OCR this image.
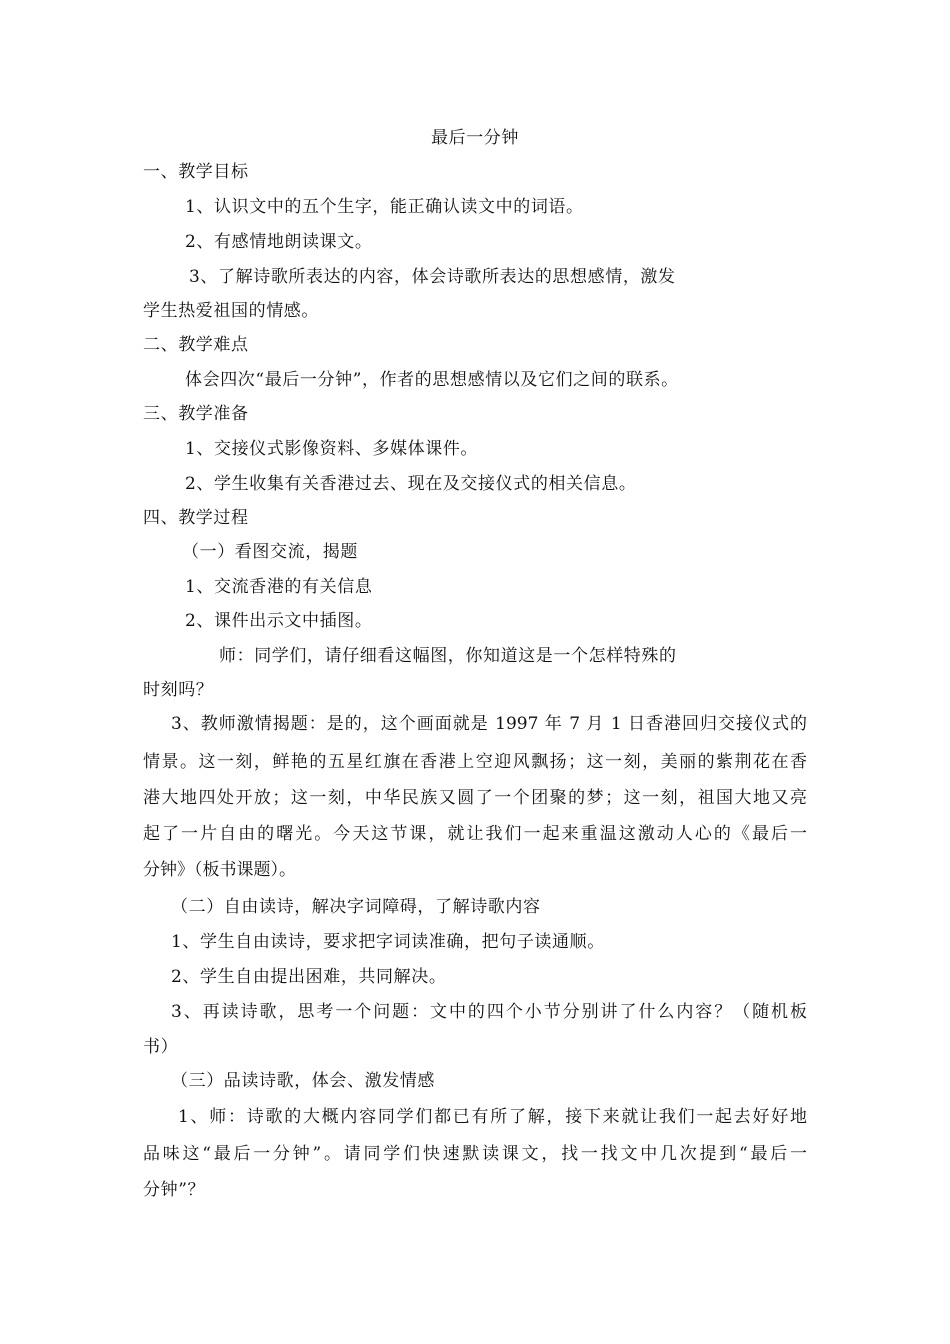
最后一分钟
一、教学目标
1、认识文中的五个生字，能正确认读文中的词语。
2、有感情地朗读课文。
3、了解诗歌所表达的内容，体会诗歌所表达的思想感情，激发
学生热爱祖国的情感。
二、教学难点
体会四次“最后一分钟”，作者的思想感情以及它们之间的联系。
三、教学准备
1、交接仪式影像资料、多媒体课件。
2、学生收集有关香港过去、现在及交接仪式的相关信息。
四、教学过程
（一）看图交流，揭题
1、交流香港的有关信息
2、课件出示文中插图。
师：同学们，请仔细看这幅图，你知道这是一个怎样特殊的
时刻吗？
3、教师激情揭题：是的，这个画面就是 1997 年 7 月 1 日香港回归交接仪式的
情景。这一刻，鲜艳的五星红旗在香港上空迎风飘扬；这一刻，美丽的紫荆花在香
港大地四处开放；这一刻，中华民族又圆了一个团聚的梦；这一刻，祖国大地又亮
起了一片自由的曙光。今天这节课，就让我们一起来重温这激动人心的《最后一
分钟》（板书课题）。
（二）自由读诗，解决字词障碍，了解诗歌内容
1、学生自由读诗，要求把字词读准确，把句子读通顺。
2、学生自由提出困难，共同解决。
3、再读诗歌，思考一个问题：文中的四个小节分别讲了什么内容？（随机板
书）
（三）品读诗歌，体会、激发情感
1、师：诗歌的大概内容同学们都已有所了解，接下来就让我们一起去好好地
品味这“最后一分钟”。请同学们快速默读课文，找一找文中几次提到“最后一
分钟”？
